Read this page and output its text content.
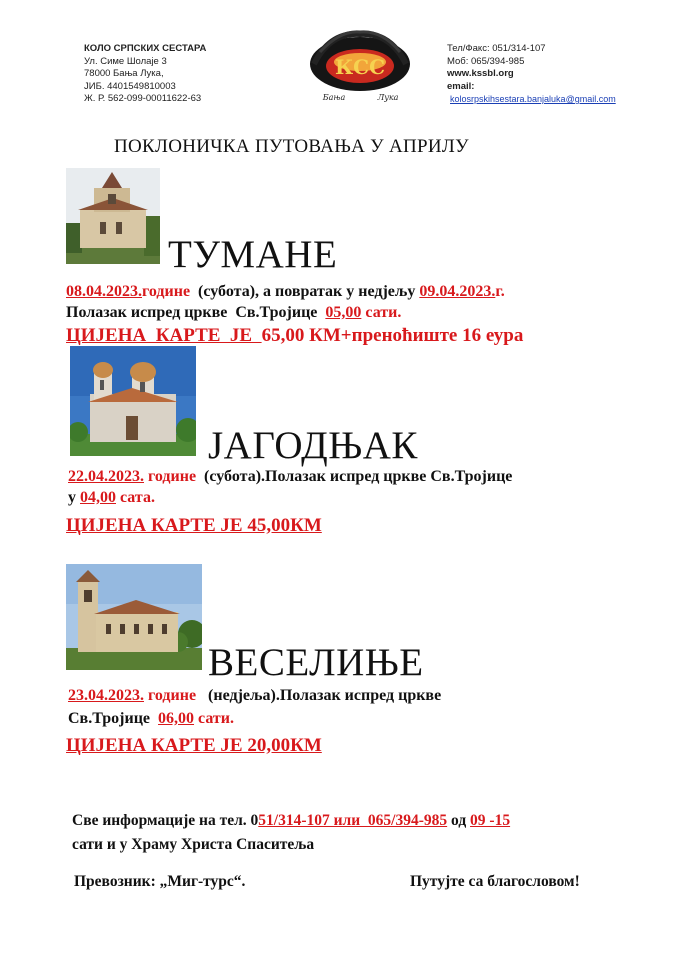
КОЛО СРПСКИХ СЕСТАРА
Ул. Симе Шолаје 3
78000 Бања Лука,
ЈИБ. 4401549810003
Ж. Р. 562-099-00011622-63
КСС
Бања	Лука
Тел/Факс: 051/314-107
Моб: 065/394-985
www.kssbl.org
email:
kolosrpskihsestara.banjaluka@gmail.com
ПОКЛОНИЧКА ПУТОВАЊА У АПРИЛУ
ТУМАНЕ
08.04.2023.године  (субота), а повратак у недјељу 09.04.2023.г.
Полазак испред цркве  Св.Тројице  05,00 сати.
ЦИЈЕНА  КАРТЕ  ЈЕ  65,00 КМ+преноћиште 16 еура
ЈАГОДЊАК
22.04.2023. године  (субота).Полазак испред цркве Св.Тројице
у 04,00 сата.
ЦИЈЕНА КАРТЕ ЈЕ 45,00КМ
ВЕСЕЛИЊЕ
23.04.2023. године   (недјеља).Полазак испред цркве
Св.Тројице  06,00 сати.
ЦИЈЕНА КАРТЕ ЈЕ 20,00КМ
Све информације на тел. 051/314-107 или  065/394-985 од 09 -15
сати и у Храму Христа Спаситеља
Превозник: „Миг-турс“.	Путујте са благословом!
